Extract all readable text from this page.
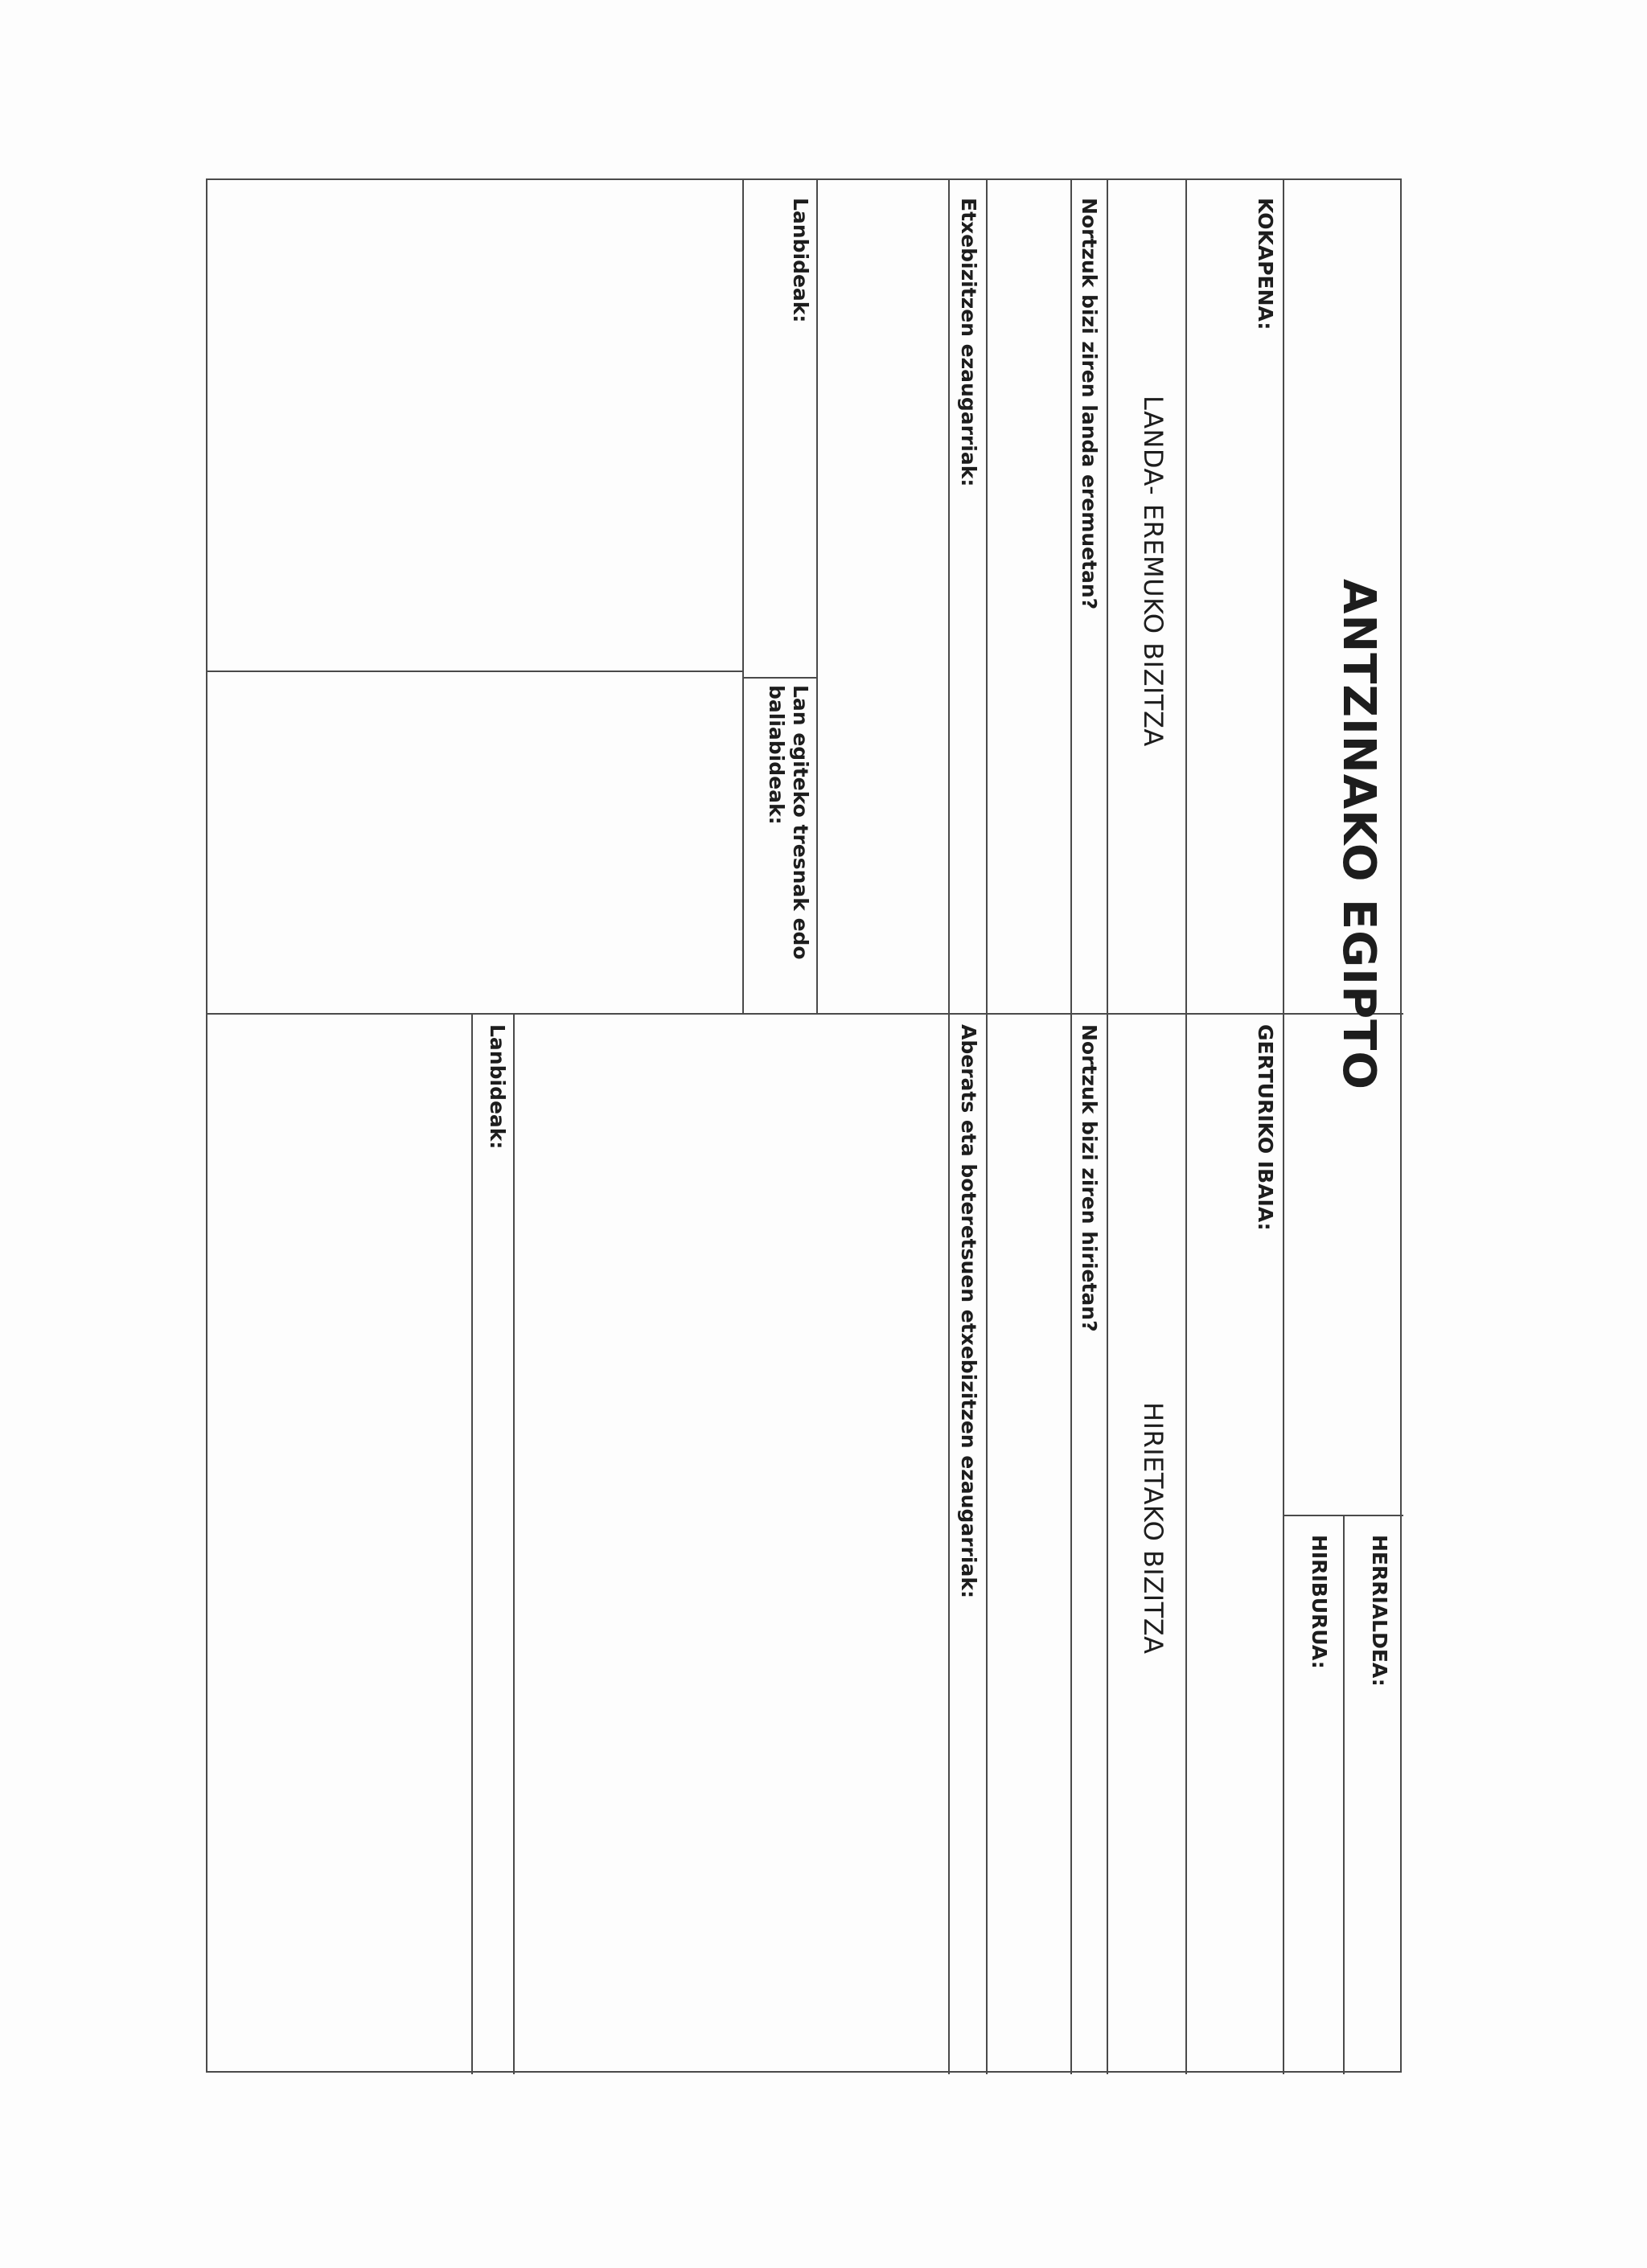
ANTZINAKO EGIPTO
HERRIALDEA:
HIRIBURUA:
KOKAPENA:
GERTURIKO IBAIA:
LANDA- EREMUKO BIZITZA
HIRIETAKO BIZITZA
Nortzuk bizi ziren landa eremuetan?
Nortzuk bizi ziren hirietan?
Etxebizitzen ezaugarriak:
Aberats eta boteretsuen etxebizitzen ezaugarriak:
Lanbideak:
Lan egiteko tresnak edo
baliabideak:
Lanbideak:
